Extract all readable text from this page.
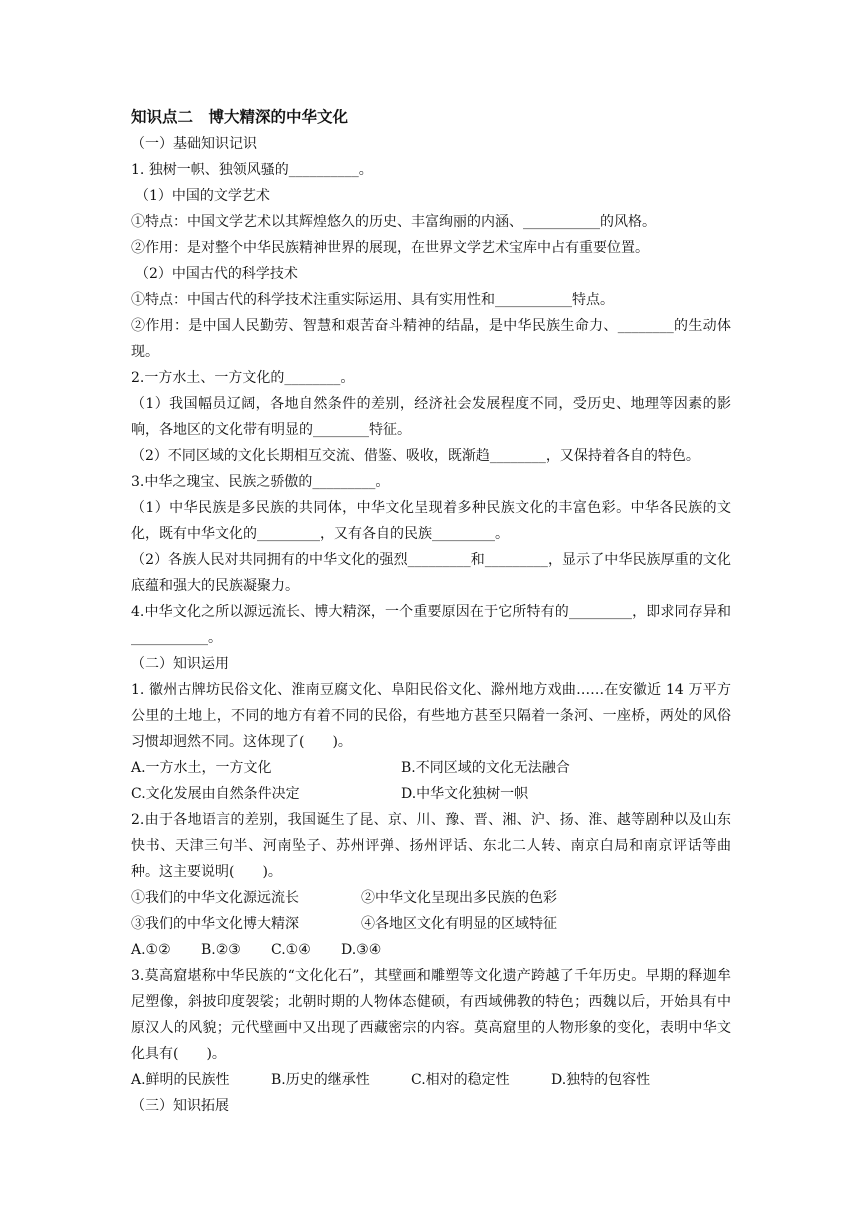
知识点二　博大精深的中华文化
（一）基础知识记识
1. 独树一帜、独领风骚的__________。
（1）中国的文学艺术
①特点：中国文学艺术以其辉煌悠久的历史、丰富绚丽的内涵、___________的风格。
②作用：是对整个中华民族精神世界的展现，在世界文学艺术宝库中占有重要位置。
（2）中国古代的科学技术
①特点：中国古代的科学技术注重实际运用、具有实用性和___________特点。
②作用：是中国人民勤劳、智慧和艰苦奋斗精神的结晶，是中华民族生命力、________的生动体现。
2.一方水土、一方文化的________。
（1）我国幅员辽阔，各地自然条件的差别，经济社会发展程度不同，受历史、地理等因素的影响，各地区的文化带有明显的________特征。
（2）不同区域的文化长期相互交流、借鉴、吸收，既渐趋________，又保持着各自的特色。
3.中华之瑰宝、民族之骄傲的_________。
（1）中华民族是多民族的共同体，中华文化呈现着多种民族文化的丰富色彩。中华各民族的文化，既有中华文化的_________，又有各自的民族_________。
（2）各族人民对共同拥有的中华文化的强烈_________和_________，显示了中华民族厚重的文化底蕴和强大的民族凝聚力。
4.中华文化之所以源远流长、博大精深，一个重要原因在于它所特有的_________，即求同存异和___________。
（二）知识运用
1. 徽州古牌坊民俗文化、淮南豆腐文化、阜阳民俗文化、滁州地方戏曲……在安徽近 14 万平方公里的土地上，不同的地方有着不同的民俗，有些地方甚至只隔着一条河、一座桥，两处的风俗习惯却迥然不同。这体现了(　　)。
A.一方水土，一方文化	B.不同区域的文化无法融合
C.文化发展由自然条件决定	D.中华文化独树一帜
2.由于各地语言的差别，我国诞生了昆、京、川、豫、晋、湘、沪、扬、淮、越等剧种以及山东快书、天津三句半、河南坠子、苏州评弹、扬州评话、东北二人转、南京白局和南京评话等曲种。这主要说明(　　)。
①我们的中华文化源远流长	②中华文化呈现出多民族的色彩
③我们的中华文化博大精深	④各地区文化有明显的区域特征
A.①②	B.②③	C.①④	D.③④
3.莫高窟堪称中华民族的“文化化石”，其壁画和雕塑等文化遗产跨越了千年历史。早期的释迦牟尼塑像，斜披印度袈裟；北朝时期的人物体态健硕，有西域佛教的特色；西魏以后，开始具有中原汉人的风貌；元代壁画中又出现了西藏密宗的内容。莫高窟里的人物形象的变化，表明中华文化具有(　　)。
A.鲜明的民族性	B.历史的继承性	C.相对的稳定性	D.独特的包容性
（三）知识拓展
